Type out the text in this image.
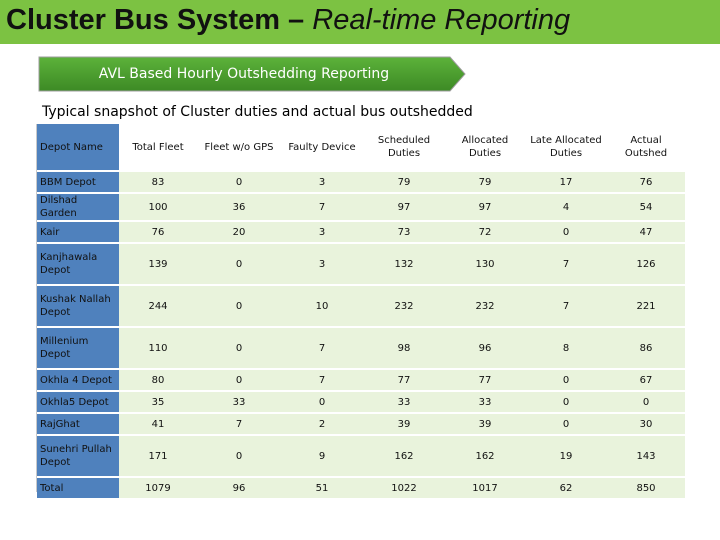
Cluster Bus System – Real-time Reporting
AVL Based Hourly Outshedding Reporting
Typical snapshot of Cluster duties and actual bus outshedded
Depot Name	Total Fleet	Fleet w/o GPS	Faulty Device	Scheduled Duties	Allocated Duties	Late Allocated Duties	Actual Outshed
BBM Depot	83	0	3	79	79	17	76
Dilshad Garden	100	36	7	97	97	4	54
Kair	76	20	3	73	72	0	47
Kanjhawala Depot	139	0	3	132	130	7	126
Kushak Nallah Depot	244	0	10	232	232	7	221
Millenium Depot	110	0	7	98	96	8	86
Okhla 4 Depot	80	0	7	77	77	0	67
Okhla5 Depot	35	33	0	33	33	0	0
RajGhat	41	7	2	39	39	0	30
Sunehri Pullah Depot	171	0	9	162	162	19	143
Total	1079	96	51	1022	1017	62	850
